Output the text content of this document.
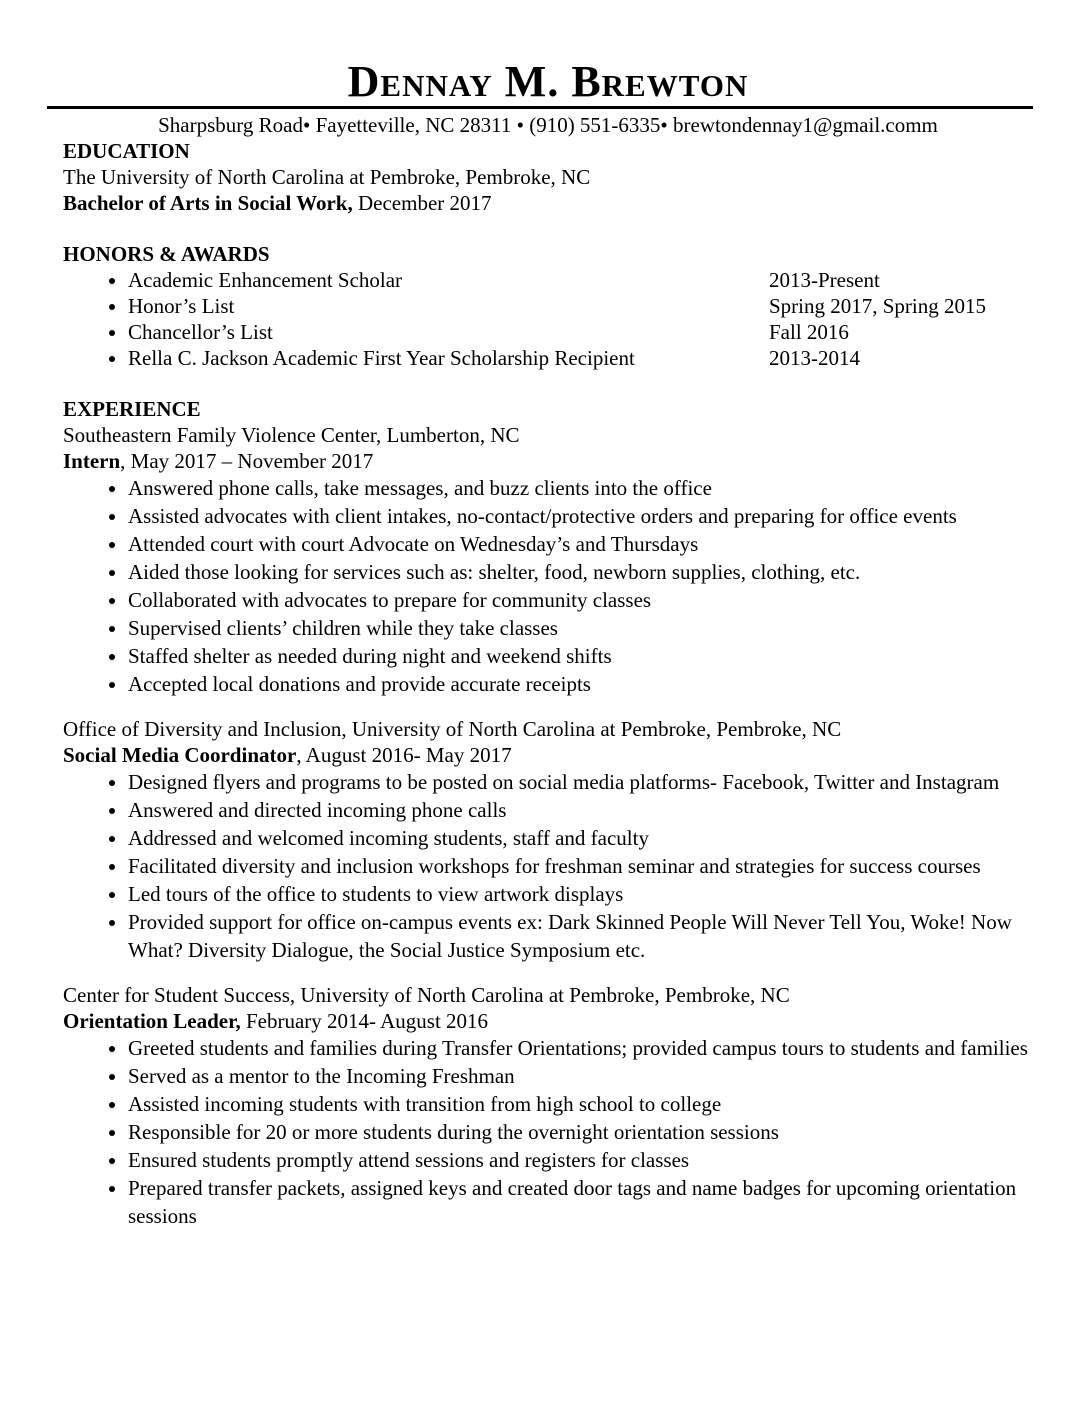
Dennay M. Brewton

Sharpsburg Road• Fayetteville, NC 28311 • (910) 551-6335• brewtondennay1@gmail.comm

EDUCATION

The University of North Carolina at Pembroke, Pembroke, NC

Bachelor of Arts in Social Work, December 2017

HONORS & AWARDS
• Academic Enhancement Scholar	2013-Present
• Honor’s List	Spring 2017, Spring 2015
• Chancellor’s List	Fall 2016
• Rella C. Jackson Academic First Year Scholarship Recipient	2013-2014
EXPERIENCE

Southeastern Family Violence Center, Lumberton, NC

Intern, May 2017 – November 2017

• Answered phone calls, take messages, and buzz clients into the office
• Assisted advocates with client intakes, no-contact/protective orders and preparing for office events
• Attended court with court Advocate on Wednesday’s and Thursdays
• Aided those looking for services such as: shelter, food, newborn supplies, clothing, etc.
• Collaborated with advocates to prepare for community classes
• Supervised clients’ children while they take classes
• Staffed shelter as needed during night and weekend shifts
• Accepted local donations and provide accurate receipts

Office of Diversity and Inclusion, University of North Carolina at Pembroke, Pembroke, NC

Social Media Coordinator, August 2016- May 2017

• Designed flyers and programs to be posted on social media platforms- Facebook, Twitter and Instagram
• Answered and directed incoming phone calls
• Addressed and welcomed incoming students, staff and faculty
• Facilitated diversity and inclusion workshops for freshman seminar and strategies for success courses
• Led tours of the office to students to view artwork displays
• Provided support for office on-campus events ex: Dark Skinned People Will Never Tell You, Woke! Now What? Diversity Dialogue, the Social Justice Symposium etc.

Center for Student Success, University of North Carolina at Pembroke, Pembroke, NC

Orientation Leader, February 2014- August 2016

• Greeted students and families during Transfer Orientations; provided campus tours to students and families
• Served as a mentor to the Incoming Freshman
• Assisted incoming students with transition from high school to college
• Responsible for 20 or more students during the overnight orientation sessions
• Ensured students promptly attend sessions and registers for classes
• Prepared transfer packets, assigned keys and created door tags and name badges for upcoming orientation sessions
